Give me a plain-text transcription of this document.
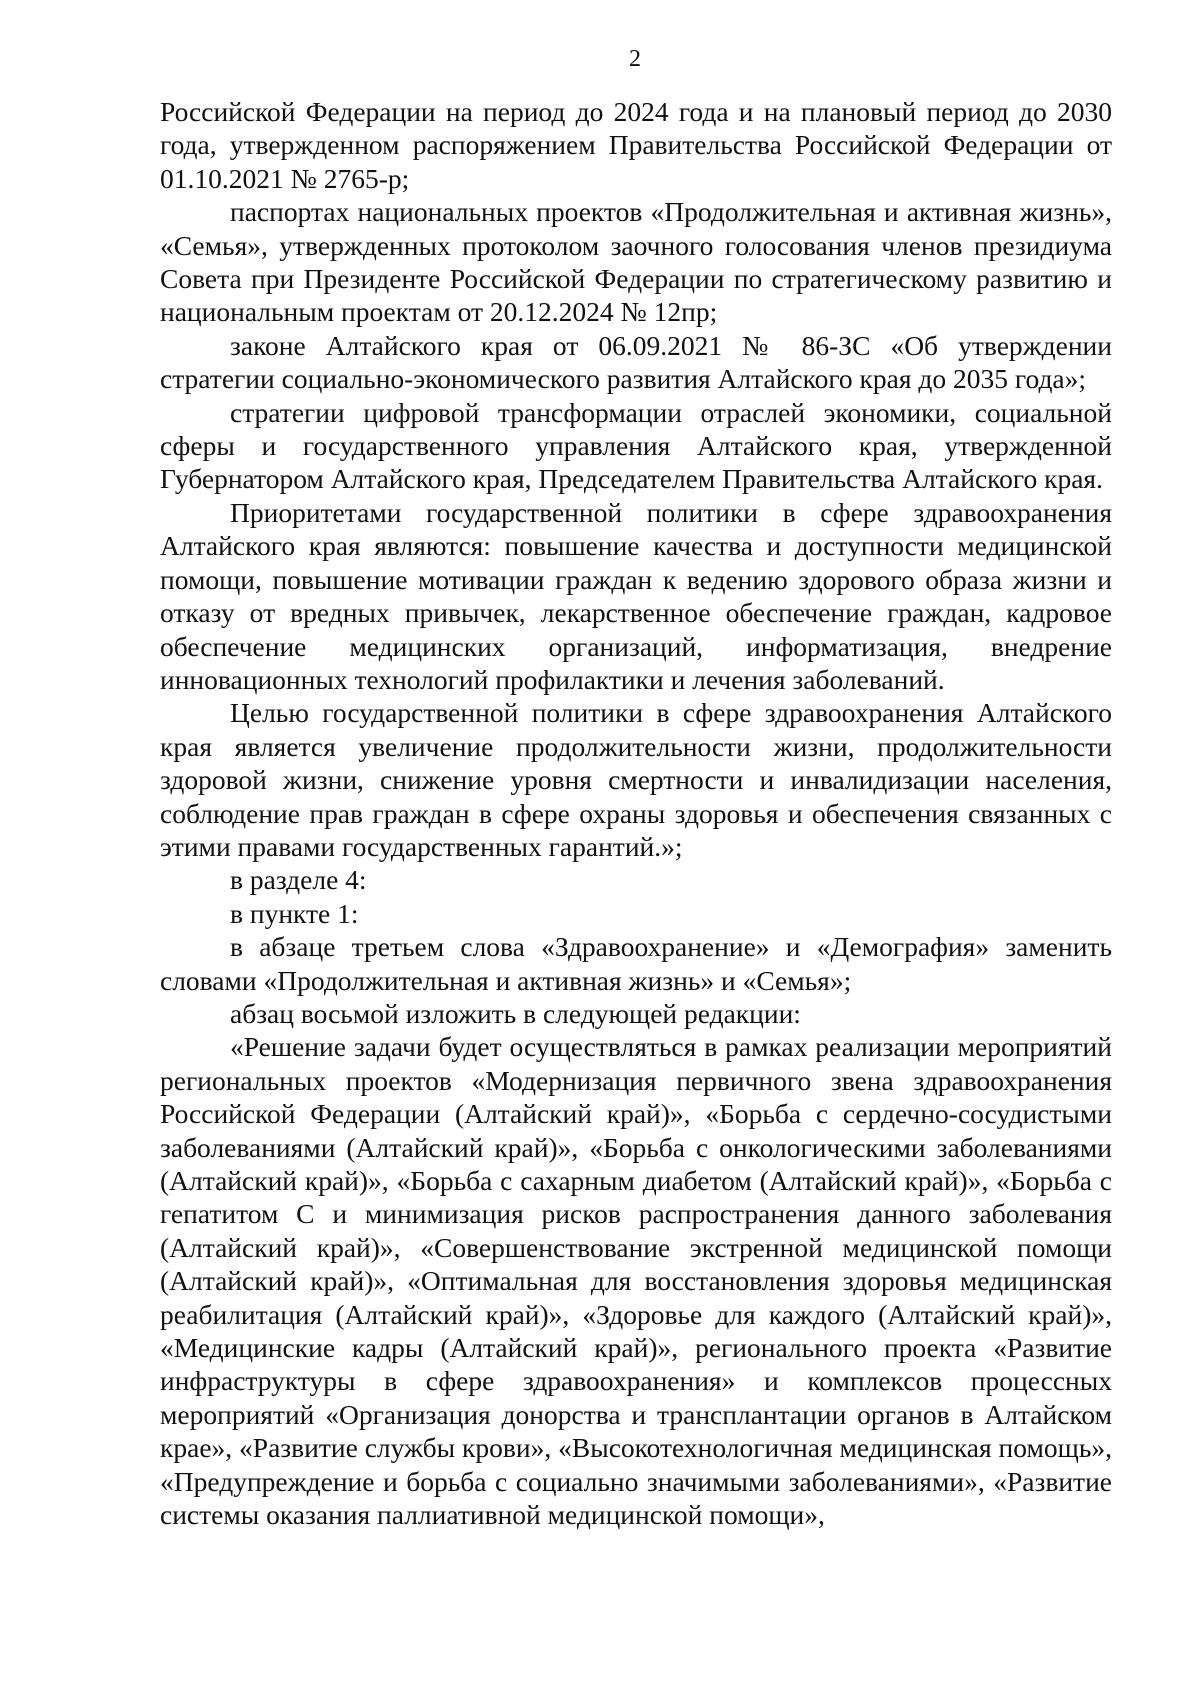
2

Российской Федерации на период до 2024 года и на плановый период до 2030 года, утвержденном распоряжением Правительства Российской Федерации от 01.10.2021 № 2765-р;

паспортах национальных проектов «Продолжительная и активная жизнь», «Семья», утвержденных протоколом заочного голосования членов президиума Совета при Президенте Российской Федерации по стратегическому развитию и национальным проектам от 20.12.2024 № 12пр;

законе Алтайского края от 06.09.2021 № 86-ЗС «Об утверждении стратегии социально-экономического развития Алтайского края до 2035 года»;

стратегии цифровой трансформации отраслей экономики, социальной сферы и государственного управления Алтайского края, утвержденной Губернатором Алтайского края, Председателем Правительства Алтайского края.

Приоритетами государственной политики в сфере здравоохранения Алтайского края являются: повышение качества и доступности медицинской помощи, повышение мотивации граждан к ведению здорового образа жизни и отказу от вредных привычек, лекарственное обеспечение граждан, кадровое обеспечение медицинских организаций, информатизация, внедрение инновационных технологий профилактики и лечения заболеваний.

Целью государственной политики в сфере здравоохранения Алтайского края является увеличение продолжительности жизни, продолжительности здоровой жизни, снижение уровня смертности и инвалидизации населения, соблюдение прав граждан в сфере охраны здоровья и обеспечения связанных с этими правами государственных гарантий.»;

в разделе 4:

в пункте 1:

в абзаце третьем слова «Здравоохранение» и «Демография» заменить словами «Продолжительная и активная жизнь» и «Семья»;

абзац восьмой изложить в следующей редакции:

«Решение задачи будет осуществляться в рамках реализации мероприятий региональных проектов «Модернизация первичного звена здравоохранения Российской Федерации (Алтайский край)», «Борьба с сердечно-сосудистыми заболеваниями (Алтайский край)», «Борьба с онкологическими заболеваниями (Алтайский край)», «Борьба с сахарным диабетом (Алтайский край)», «Борьба с гепатитом С и минимизация рисков распространения данного заболевания (Алтайский край)», «Совершенствование экстренной медицинской помощи (Алтайский край)», «Оптимальная для восстановления здоровья медицинская реабилитация (Алтайский край)», «Здоровье для каждого (Алтайский край)», «Медицинские кадры (Алтайский край)», регионального проекта «Развитие инфраструктуры в сфере здравоохранения» и комплексов процессных мероприятий «Организация донорства и трансплантации органов в Алтайском крае», «Развитие службы крови», «Высокотехнологичная медицинская помощь», «Предупреждение и борьба с социально значимыми заболеваниями», «Развитие системы оказания паллиативной медицинской помощи»,
